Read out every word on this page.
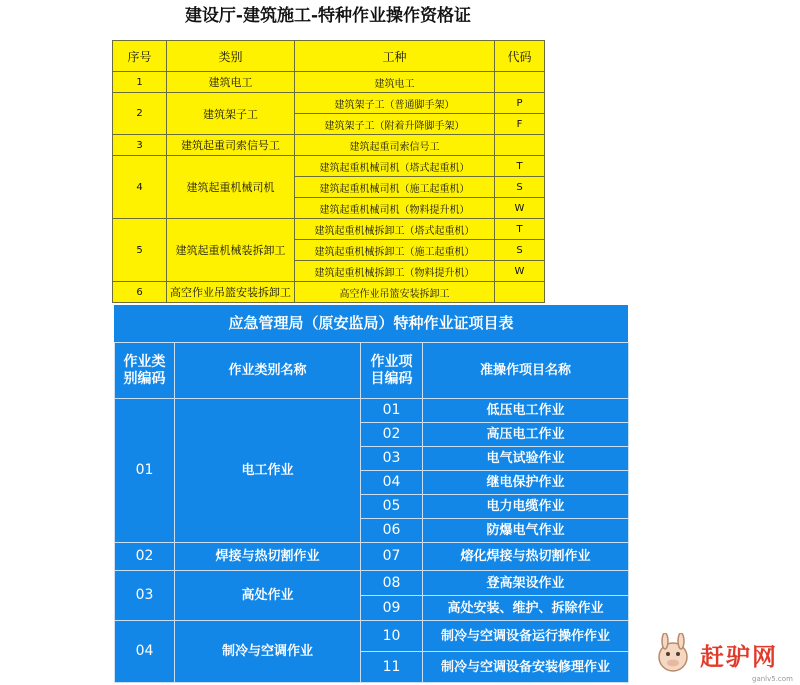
建设厅-建筑施工-特种作业操作资格证
序号	类别	工种	代码
1	建筑电工	建筑电工	
2	建筑架子工	建筑架子工（普通脚手架）	P
		建筑架子工（附着升降脚手架）	F
3	建筑起重司索信号工	建筑起重司索信号工	
4	建筑起重机械司机	建筑起重机械司机（塔式起重机）	T
		建筑起重机械司机（施工起重机）	S
		建筑起重机械司机（物料提升机）	W
5	建筑起重机械装拆卸工	建筑起重机械拆卸工（塔式起重机）	T
		建筑起重机械拆卸工（施工起重机）	S
		建筑起重机械拆卸工（物料提升机）	W
6	高空作业吊篮安装拆卸工	高空作业吊篮安装拆卸工	
应急管理局（原安监局）特种作业证项目表
作业类别编码	作业类别名称	作业项目编码	准操作项目名称
01	电工作业	01	低压电工作业
		02	高压电工作业
		03	电气试验作业
		04	继电保护作业
		05	电力电缆作业
		06	防爆电气作业
02	焊接与热切割作业	07	熔化焊接与热切割作业
03	高处作业	08	登高架设作业
		09	高处安装、维护、拆除作业
04	制冷与空调作业	10	制冷与空调设备运行操作作业
		11	制冷与空调设备安装修理作业	赶驴网
ganlv5.com
